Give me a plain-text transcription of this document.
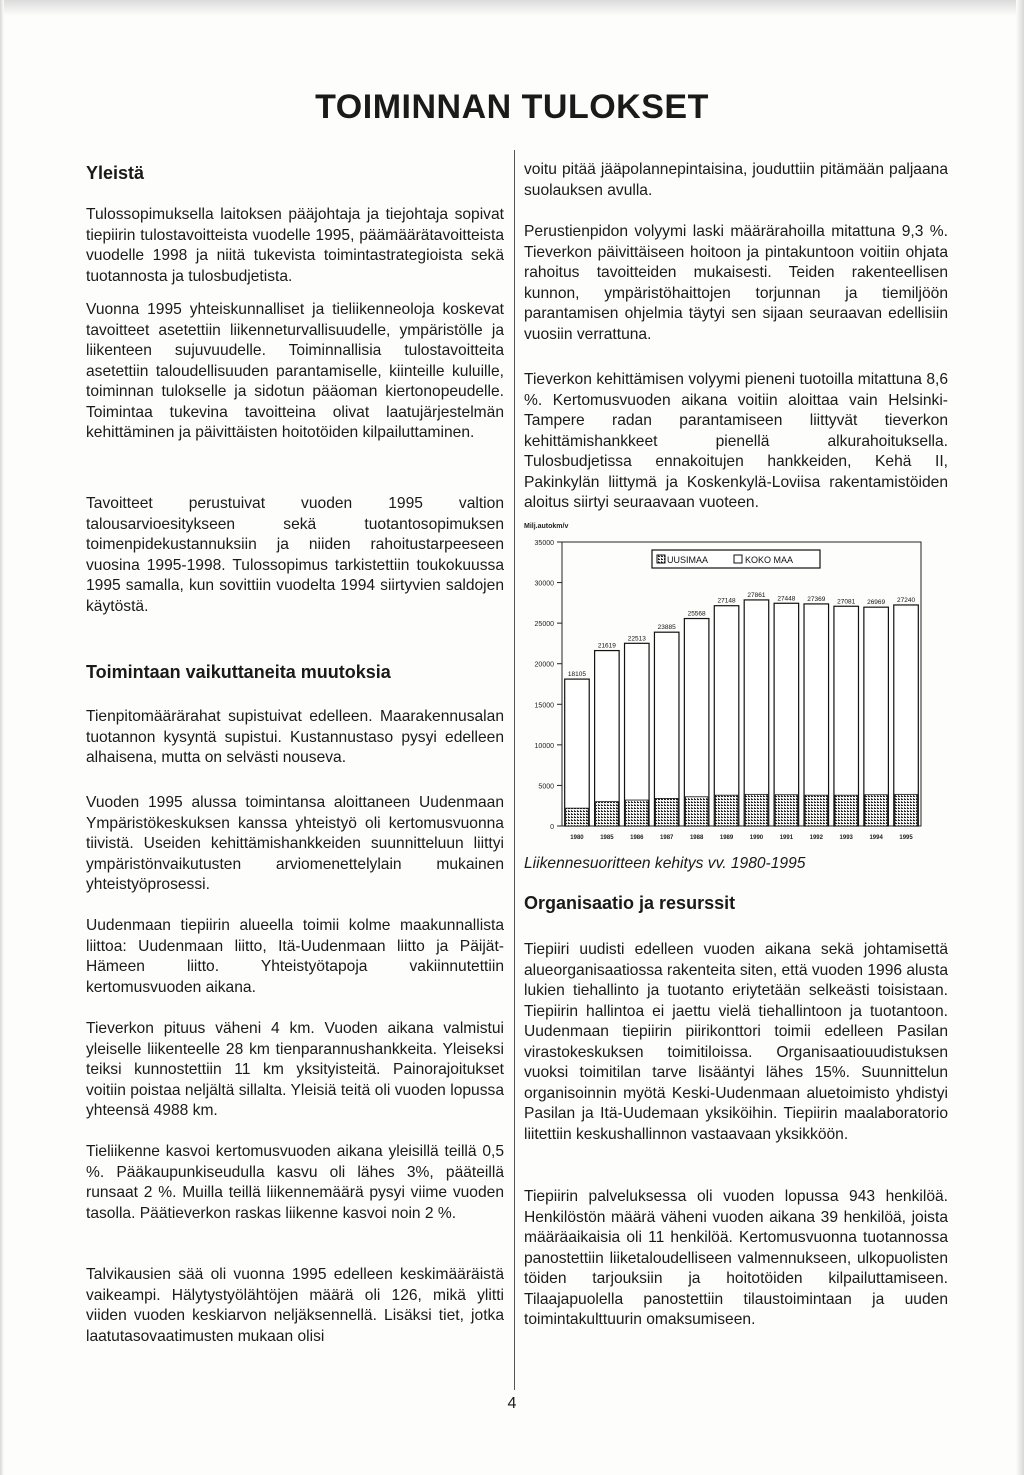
TOIMINNAN TULOKSET
Yleistä

Tulossopimuksella laitoksen pääjohtaja ja tiejohtaja sopivat tiepiirin tulostavoitteista vuodelle 1995, päämäärätavoitteista vuodelle 1998 ja niitä tukevista toimintastrategioista sekä tuotannosta ja tulosbudjetista.

Vuonna 1995 yhteiskunnalliset ja tieliikenneoloja koskevat tavoitteet asetettiin liikenneturvallisuudelle, ympäristölle ja liikenteen sujuvuudelle. Toiminnallisia tulostavoitteita asetettiin taloudellisuuden parantamiselle, kiinteille kuluille, toiminnan tulokselle ja sidotun pääoman kiertonopeudelle. Toimintaa tukevina tavoitteina olivat laatujärjestelmän kehittäminen ja päivittäisten hoitotöiden kilpailuttaminen.

Tavoitteet perustuivat vuoden 1995 valtion talousarvioesitykseen sekä tuotantosopimuksen toimenpidekustannuksiin ja niiden rahoitustarpeeseen vuosina 1995-1998. Tulossopimus tarkistettiin toukokuussa 1995 samalla, kun sovittiin vuodelta 1994 siirtyvien saldojen käytöstä.

Toimintaan vaikuttaneita muutoksia

Tienpitomäärärahat supistuivat edelleen. Maarakennusalan tuotannon kysyntä supistui. Kustannustaso pysyi edelleen alhaisena, mutta on selvästi nouseva.

Vuoden 1995 alussa toimintansa aloittaneen Uudenmaan Ympäristökeskuksen kanssa yhteistyö oli kertomusvuonna tiivistä. Useiden kehittämishankkeiden suunnitteluun liittyi ympäristönvaikutusten arviomenettelylain mukainen yhteistyöprosessi.

Uudenmaan tiepiirin alueella toimii kolme maakunnallista liittoa: Uudenmaan liitto, Itä-Uudenmaan liitto ja Päijät-Hämeen liitto. Yhteistyötapoja vakiinnutettiin kertomusvuoden aikana.

Tieverkon pituus väheni 4 km. Vuoden aikana valmistui yleiselle liikenteelle 28 km tienparannushankkeita. Yleiseksi teiksi kunnostettiin 11 km yksityisteitä. Painorajoitukset voitiin poistaa neljältä sillalta. Yleisiä teitä oli vuoden lopussa yhteensä 4988 km.

Tieliikenne kasvoi kertomusvuoden aikana yleisillä teillä 0,5 %. Pääkaupunkiseudulla kasvu oli lähes 3%, pääteillä runsaat 2 %. Muilla teillä liikennemäärä pysyi viime vuoden tasolla. Päätieverkon raskas liikenne kasvoi noin 2 %.

Talvikausien sää oli vuonna 1995 edelleen keskimääräistä vaikeampi. Hälytystyölähtöjen määrä oli 126, mikä ylitti viiden vuoden keskiarvon neljäksennellä. Lisäksi tiet, jotka laatutasovaatimusten mukaan olisi

voitu pitää jääpolannepintaisina, jouduttiin pitämään paljaana suolauksen avulla.

Perustienpidon volyymi laski määrärahoilla mitattuna 9,3 %. Tieverkon päivittäiseen hoitoon ja pintakuntoon voitiin ohjata rahoitus tavoitteiden mukaisesti. Teiden rakenteellisen kunnon, ympäristöhaittojen torjunnan ja tiemiljöön parantamisen ohjelmia täytyi sen sijaan seuraavan edellisiin vuosiin verrattuna.

Tieverkon kehittämisen volyymi pieneni tuotoilla mitattuna 8,6 %. Kertomusvuoden aikana voitiin aloittaa vain Helsinki-Tampere radan parantamiseen liittyvät tieverkon kehittämishankkeet pienellä alkurahoituksella. Tulosbudjetissa ennakoitujen hankkeiden, Kehä II, Pakinkylän liittymä ja Koskenkylä-Loviisa rakentamistöiden aloitus siirtyi seuraavaan vuoteen.

Milj.autokm/v
0
5000
10000
15000
20000
25000
30000
35000
18105
1980
21619
1985
22513
1986
23885
1987
25568
1988
27148
1989
27861
1990
27448
1991
27369
1992
27081
1993
26969
1994
27240
1995
UUSIMAA	KOKO MAA
Liikennesuoritteen kehitys vv. 1980-1995
Organisaatio ja resurssit

Tiepiiri uudisti edelleen vuoden aikana sekä johtamisettä alueorganisaatiossa rakenteita siten, että vuoden 1996 alusta lukien tiehallinto ja tuotanto eriytetään selkeästi toisistaan. Tiepiirin hallintoa ei jaettu vielä tiehallintoon ja tuotantoon. Uudenmaan tiepiirin piirikonttori toimii edelleen Pasilan virastokeskuksen toimitiloissa. Organisaatiouudistuksen vuoksi toimitilan tarve lisääntyi lähes 15%. Suunnittelun organisoinnin myötä Keski-Uudenmaan aluetoimisto yhdistyi Pasilan ja Itä-Uudemaan yksiköihin. Tiepiirin maalaboratorio liitettiin keskushallinnon vastaavaan yksikköön.

Tiepiirin palveluksessa oli vuoden lopussa 943 henkilöä. Henkilöstön määrä väheni vuoden aikana 39 henkilöä, joista määräaikaisia oli 11 henkilöä. Kertomusvuonna tuotannossa panostettiin liiketaloudelliseen valmennukseen, ulkopuolisten töiden tarjouksiin ja hoitotöiden kilpailuttamiseen. Tilaajapuolella panostettiin tilaustoimintaan ja uuden toimintakulttuurin omaksumiseen.

4
